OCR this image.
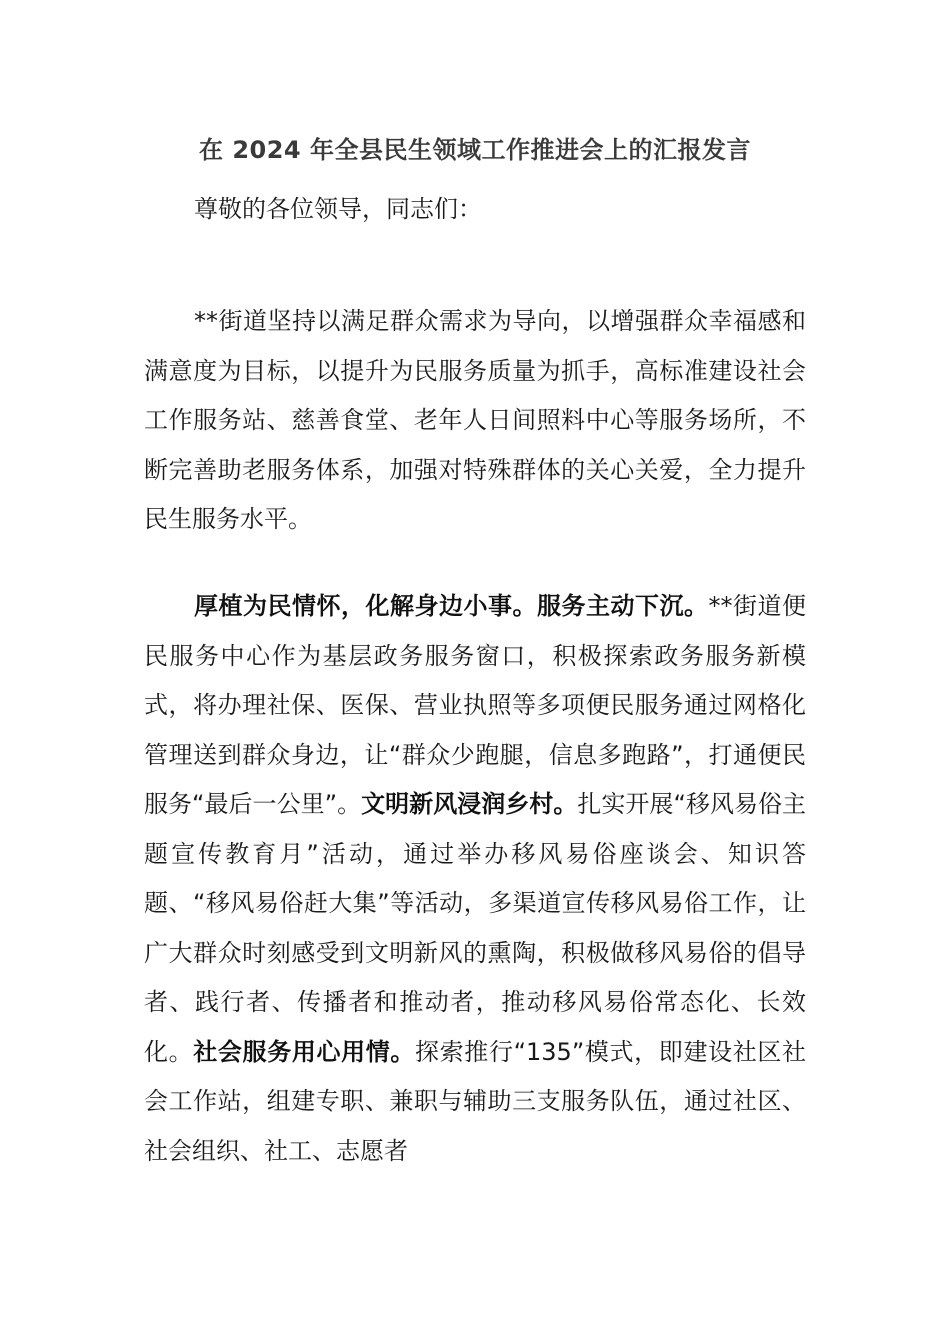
在 2024 年全县民生领域工作推进会上的汇报发言
尊敬的各位领导，同志们：

**街道坚持以满足群众需求为导向，以增强群众幸福感和满意度为目标，以提升为民服务质量为抓手，高标准建设社会工作服务站、慈善食堂、老年人日间照料中心等服务场所，不断完善助老服务体系，加强对特殊群体的关心关爱，全力提升民生服务水平。

厚植为民情怀，化解身边小事。服务主动下沉。**街道便民服务中心作为基层政务服务窗口，积极探索政务服务新模式，将办理社保、医保、营业执照等多项便民服务通过网格化管理送到群众身边，让“群众少跑腿，信息多跑路”，打通便民服务“最后一公里”。文明新风浸润乡村。扎实开展“移风易俗主题宣传教育月”活动，通过举办移风易俗座谈会、知识答题、“移风易俗赶大集”等活动，多渠道宣传移风易俗工作，让广大群众时刻感受到文明新风的熏陶，积极做移风易俗的倡导者、践行者、传播者和推动者，推动移风易俗常态化、长效化。社会服务用心用情。探索推行“135”模式，即建设社区社会工作站，组建专职、兼职与辅助三支服务队伍，通过社区、社会组织、社工、志愿者
